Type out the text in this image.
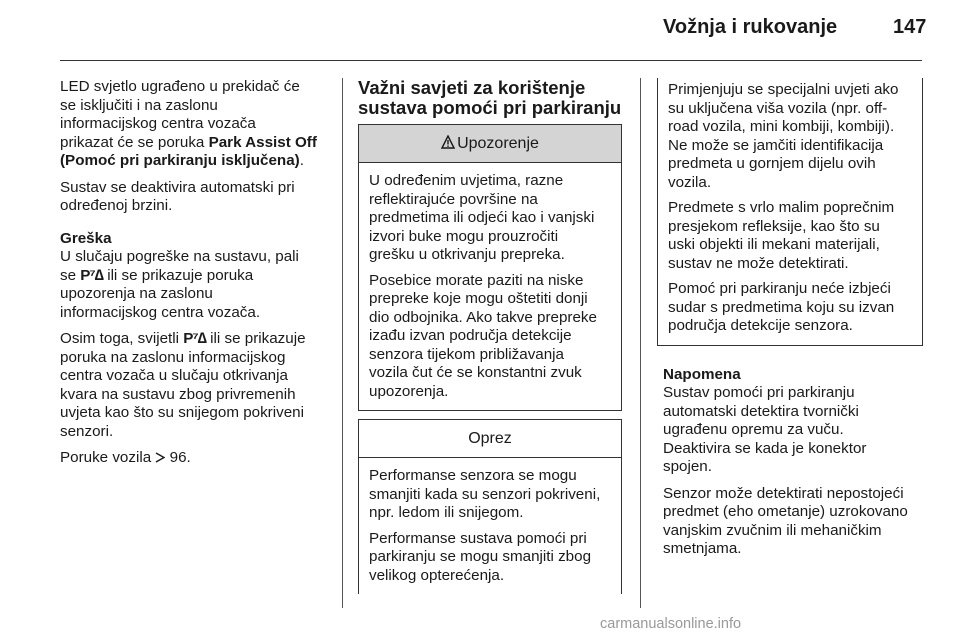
Vožnja i rukovanje	147

LED svjetlo ugrađeno u prekidač će
se isključiti i na zaslonu
informacijskog centra vozača
prikazat će se poruka Park Assist Off
(Pomoć pri parkiranju isključena).

Sustav se deaktivira automatski pri
određenoj brzini.

Greška
U slučaju pogreške na sustavu, pali
se P⁷∆ ili se prikazuje poruka
upozorenja na zaslonu
informacijskog centra vozača.

Osim toga, svijetli P⁷∆ ili se prikazuje
poruka na zaslonu informacijskog
centra vozača u slučaju otkrivanja
kvara na sustavu zbog privremenih
uvjeta kao što su snijegom pokriveni
senzori.

Poruke vozila  96.

Važni savjeti za korištenje
sustava pomoći pri parkiranju
Upozorenje

U određenim uvjetima, razne
reflektirajuće površine na
predmetima ili odjeći kao i vanjski
izvori buke mogu prouzročiti
grešku u otkrivanju prepreka.

Posebice morate paziti na niske
prepreke koje mogu oštetiti donji
dio odbojnika. Ako takve prepreke
izađu izvan područja detekcije
senzora tijekom približavanja
vozila čut će se konstantni zvuk
upozorenja.

Oprez

Performanse senzora se mogu
smanjiti kada su senzori pokriveni,
npr. ledom ili snijegom.

Performanse sustava pomoći pri
parkiranju se mogu smanjiti zbog
velikog opterećenja.

Primjenjuju se specijalni uvjeti ako
su uključena viša vozila (npr. off-
road vozila, mini kombiji, kombiji).
Ne može se jamčiti identifikacija
predmeta u gornjem dijelu ovih
vozila.

Predmete s vrlo malim poprečnim
presjekom refleksije, kao što su
uski objekti ili mekani materijali,
sustav ne može detektirati.

Pomoć pri parkiranju neće izbjeći
sudar s predmetima koju su izvan
područja detekcije senzora.

Napomena
Sustav pomoći pri parkiranju
automatski detektira tvornički
ugrađenu opremu za vuču.
Deaktivira se kada je konektor
spojen.

Senzor može detektirati nepostojeći
predmet (eho ometanje) uzrokovano
vanjskim zvučnim ili mehaničkim
smetnjama.

carmanualsonline.info
